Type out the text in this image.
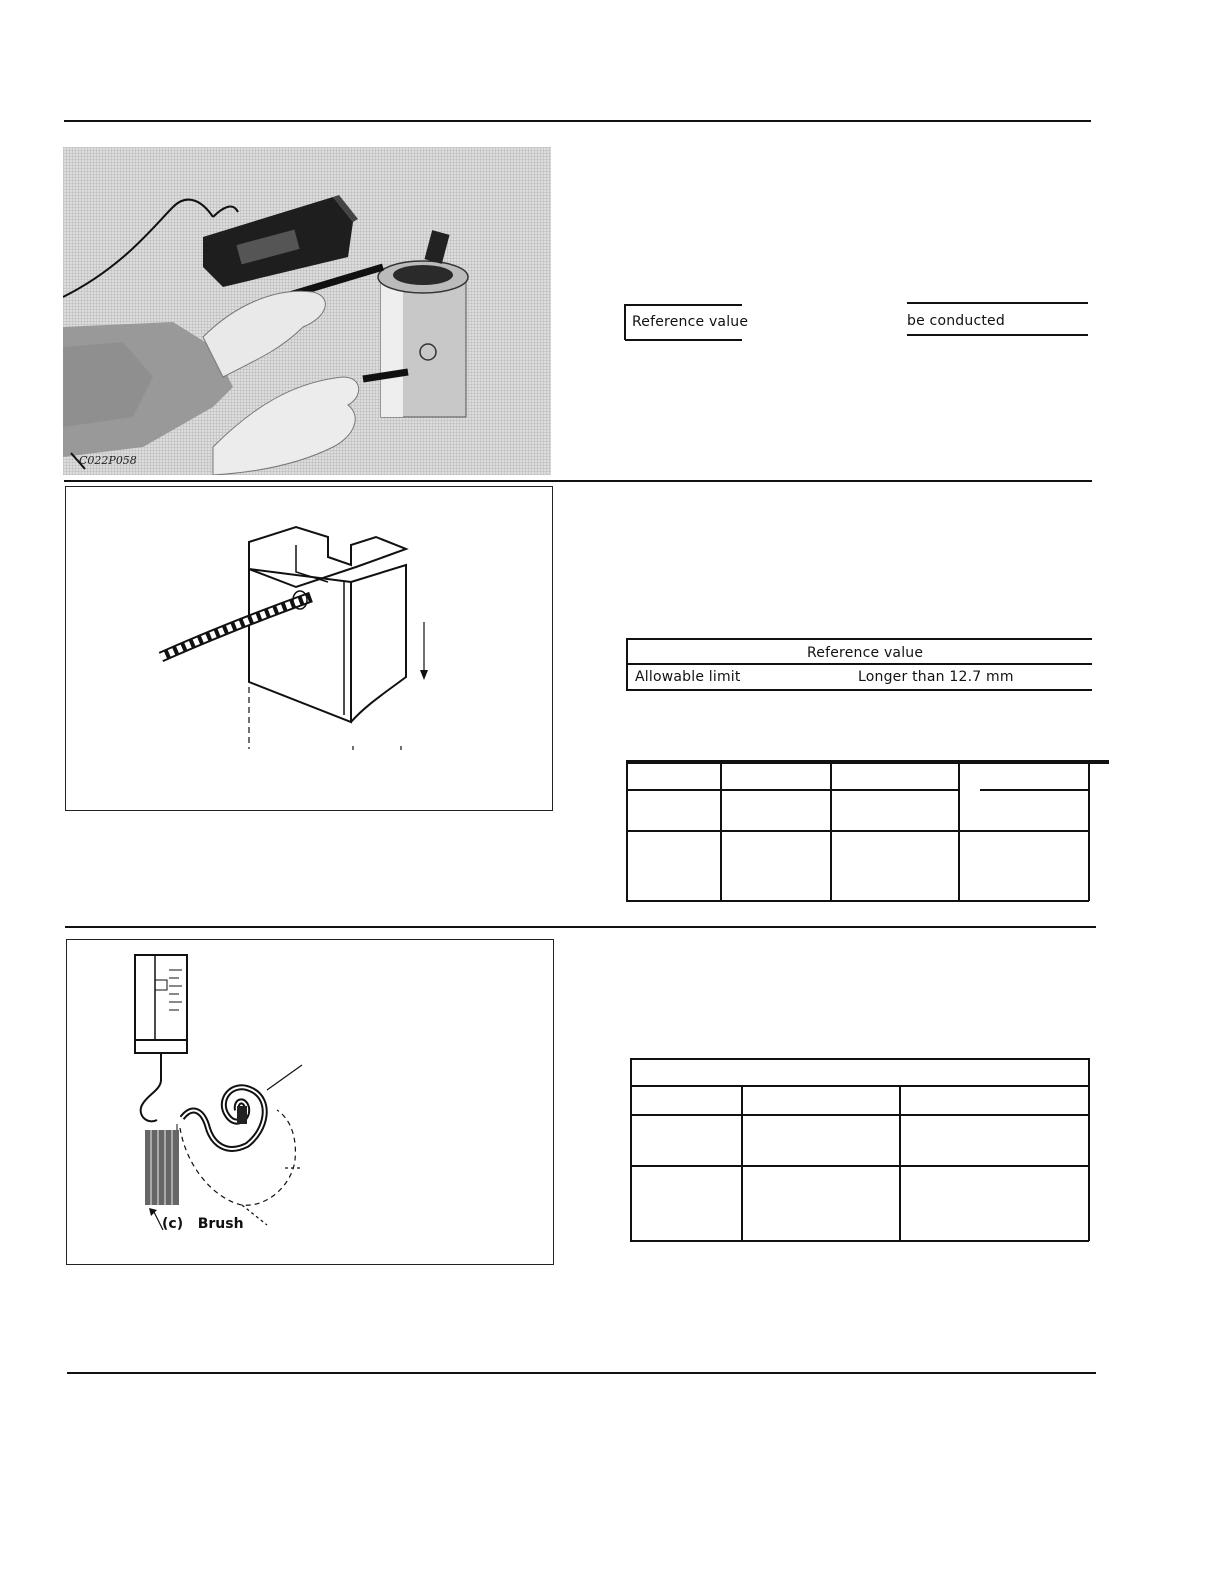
C022P058
Reference value	be conducted
Reference value
Allowable limit	Longer than 12.7 mm
(c)   Brush
